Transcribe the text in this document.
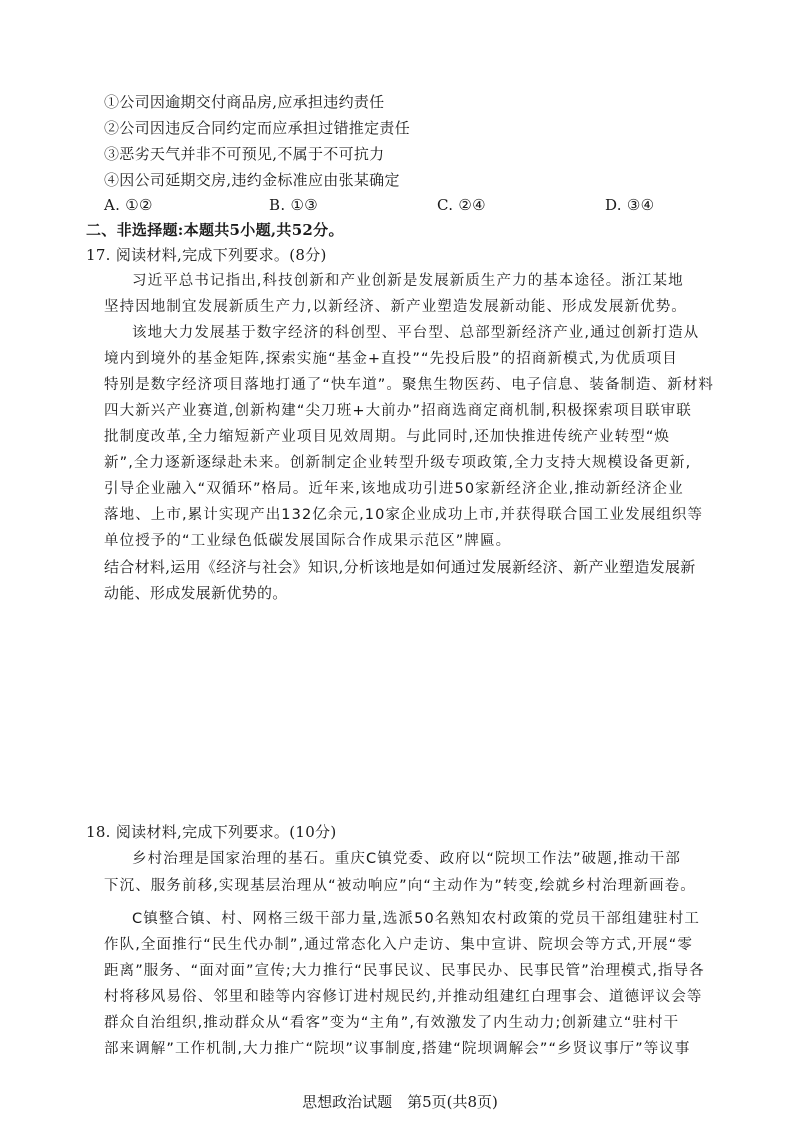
①公司因逾期交付商品房,应承担违约责任
②公司因违反合同约定而应承担过错推定责任
③恶劣天气并非不可预见,不属于不可抗力
④因公司延期交房,违约金标准应由张某确定
A. ①②	B. ①③	C. ②④	D. ③④
二、非选择题:本题共5小题,共52分。
17. 阅读材料,完成下列要求。(8分)
习近平总书记指出,科技创新和产业创新是发展新质生产力的基本途径。浙江某地
坚持因地制宜发展新质生产力,以新经济、新产业塑造发展新动能、形成发展新优势。
该地大力发展基于数字经济的科创型、平台型、总部型新经济产业,通过创新打造从
境内到境外的基金矩阵,探索实施“基金+直投”“先投后股”的招商新模式,为优质项目
特别是数字经济项目落地打通了“快车道”。聚焦生物医药、电子信息、装备制造、新材料
四大新兴产业赛道,创新构建“尖刀班+大前办”招商选商定商机制,积极探索项目联审联
批制度改革,全力缩短新产业项目见效周期。与此同时,还加快推进传统产业转型“焕
新”,全力逐新逐绿赴未来。创新制定企业转型升级专项政策,全力支持大规模设备更新,
引导企业融入“双循环”格局。近年来,该地成功引进50家新经济企业,推动新经济企业
落地、上市,累计实现产出132亿余元,10家企业成功上市,并获得联合国工业发展组织等
单位授予的“工业绿色低碳发展国际合作成果示范区”牌匾。
结合材料,运用《经济与社会》知识,分析该地是如何通过发展新经济、新产业塑造发展新
动能、形成发展新优势的。
18. 阅读材料,完成下列要求。(10分)
乡村治理是国家治理的基石。重庆C镇党委、政府以“院坝工作法”破题,推动干部
下沉、服务前移,实现基层治理从“被动响应”向“主动作为”转变,绘就乡村治理新画卷。
C镇整合镇、村、网格三级干部力量,选派50名熟知农村政策的党员干部组建驻村工
作队,全面推行“民生代办制”,通过常态化入户走访、集中宣讲、院坝会等方式,开展“零
距离”服务、“面对面”宣传;大力推行“民事民议、民事民办、民事民管”治理模式,指导各
村将移风易俗、邻里和睦等内容修订进村规民约,并推动组建红白理事会、道德评议会等
群众自治组织,推动群众从“看客”变为“主角”,有效激发了内生动力;创新建立“驻村干
部来调解”工作机制,大力推广“院坝”议事制度,搭建“院坝调解会”“乡贤议事厅”等议事
思想政治试题　第5页(共8页)
